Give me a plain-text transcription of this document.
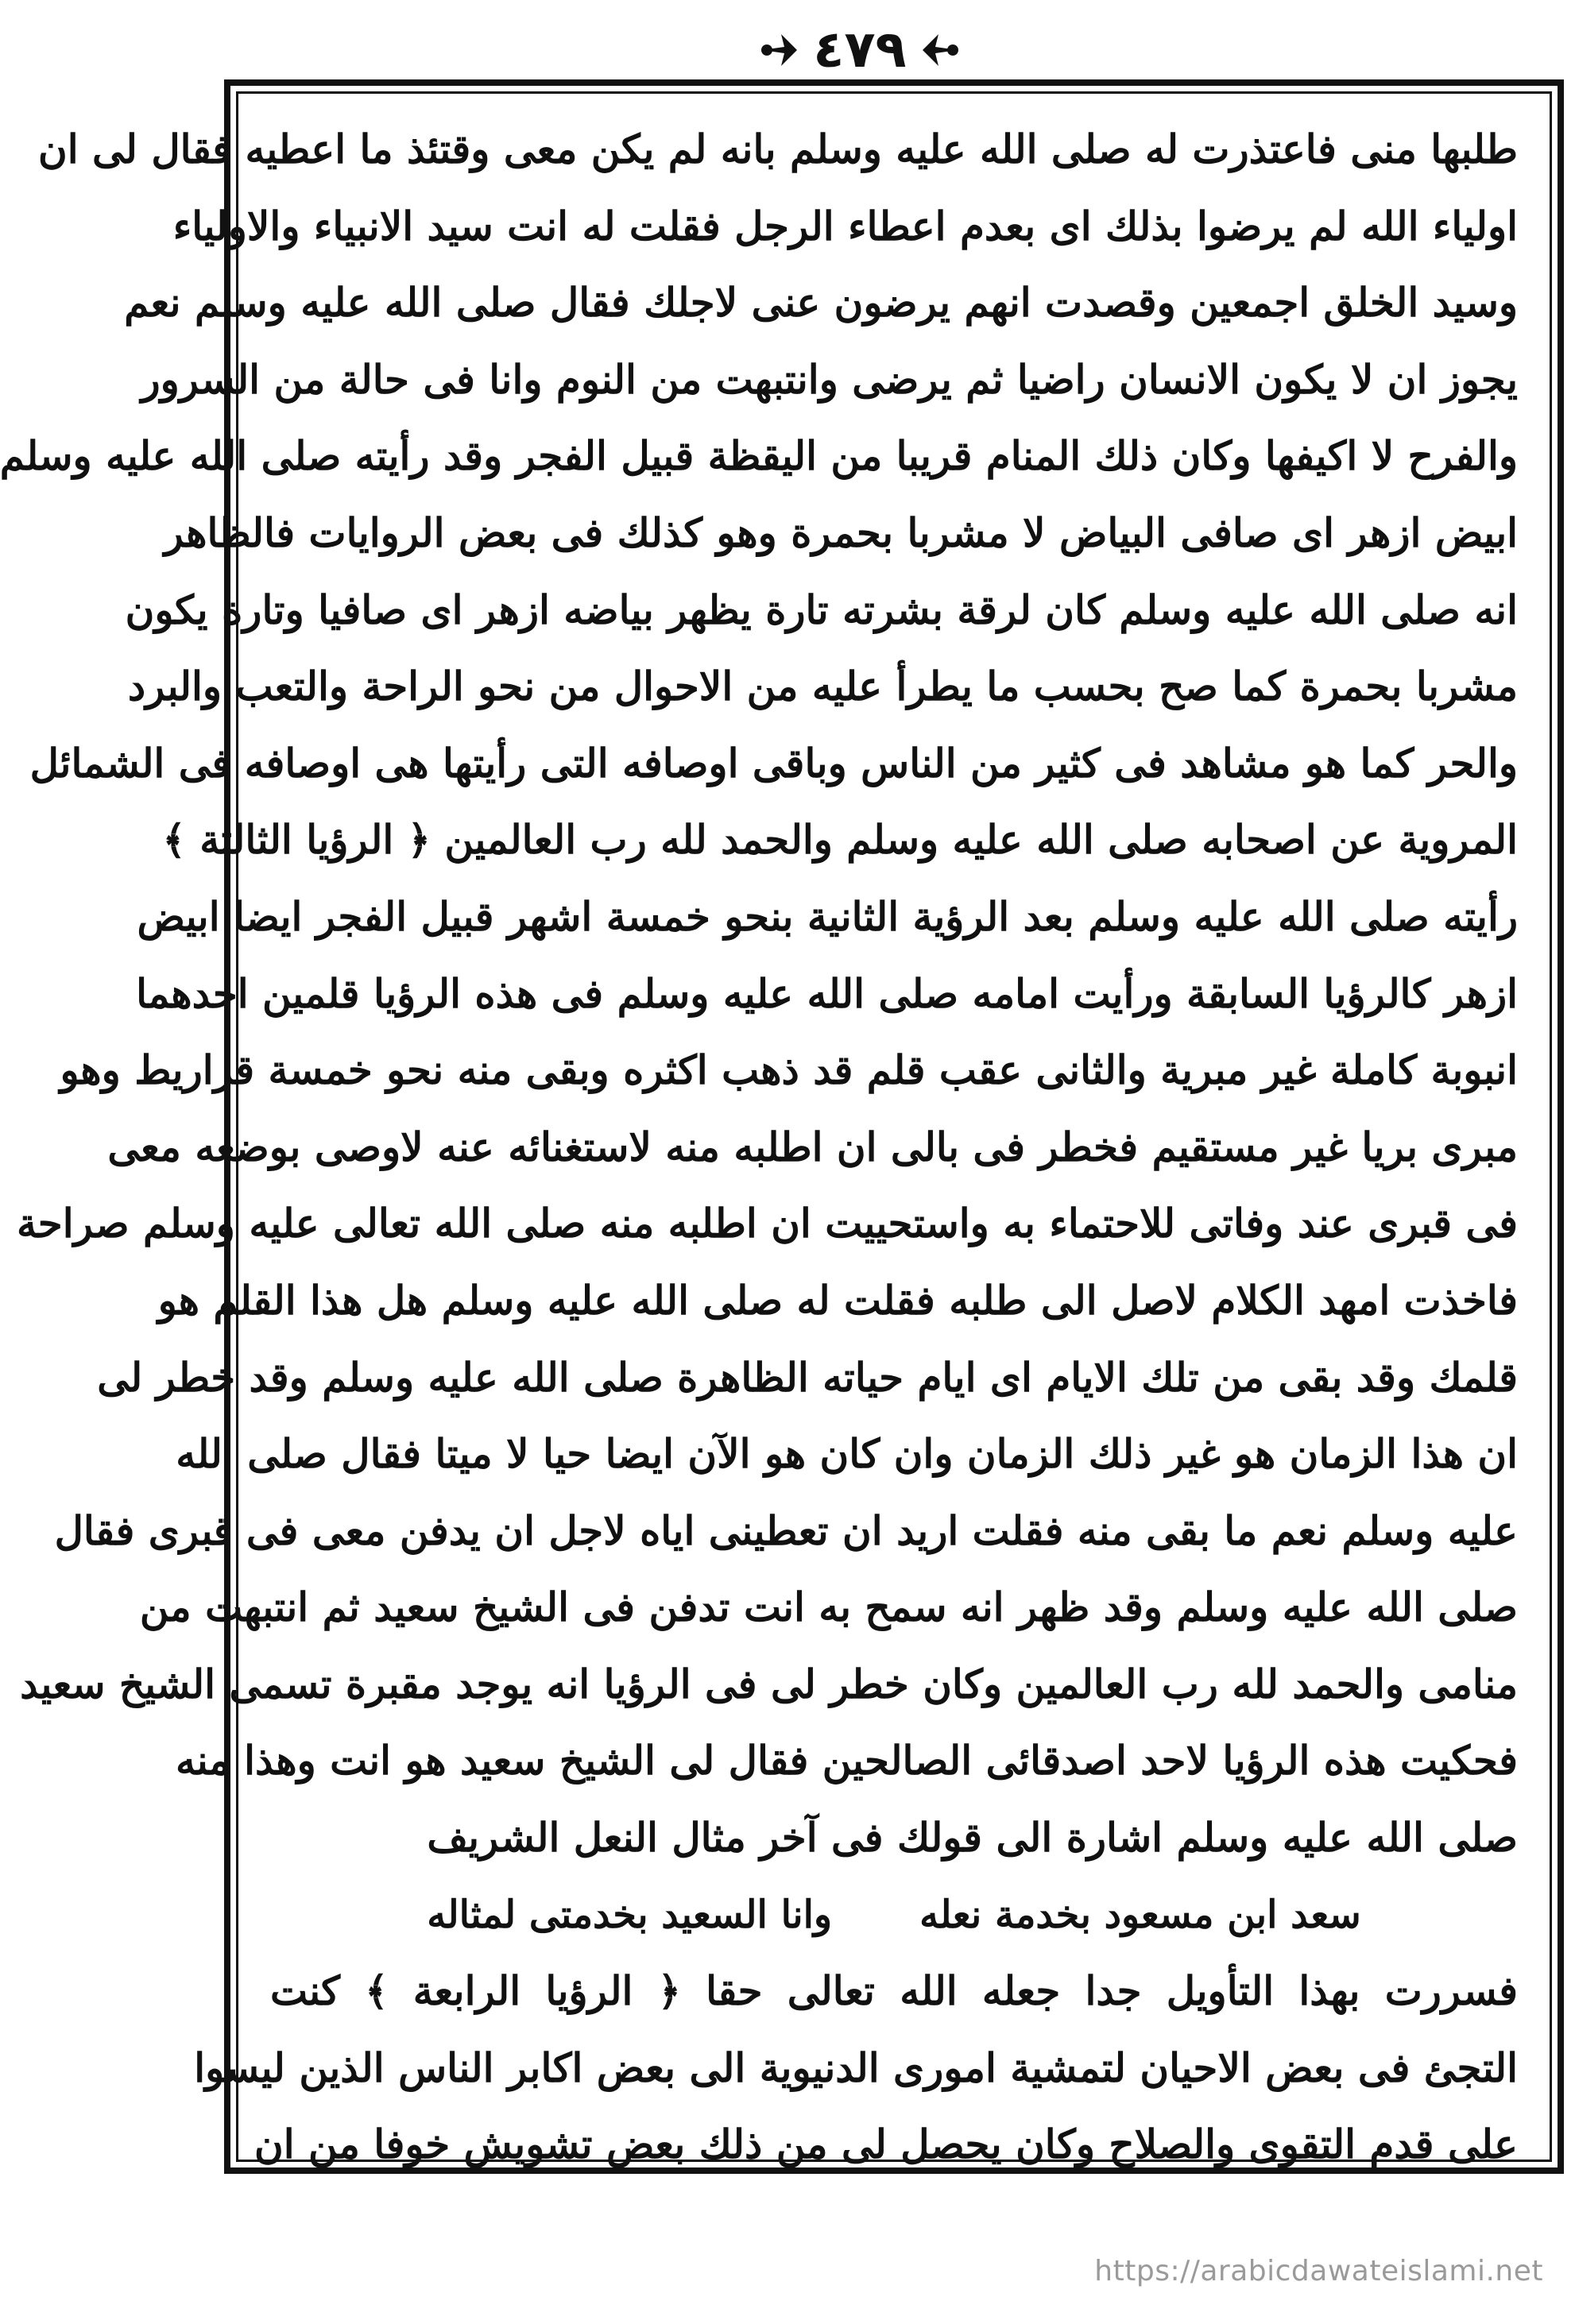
٤٧٩
طلبها منى فاعتذرت له صلى الله عليه وسلم بانه لم يكن معى وقتئذ ما اعطيه فقال لى ان
اولياء الله لم يرضوا بذلك اى بعدم اعطاء الرجل فقلت له انت سيد الانبياء والاولياء
وسيد الخلق اجمعين وقصدت انهم يرضون عنى لاجلك فقال صلى الله عليه وسلم نعم
يجوز ان لا يكون الانسان راضيا ثم يرضى وانتبهت من النوم وانا فى حالة من السرور
والفرح لا اكيفها وكان ذلك المنام قريبا من اليقظة قبيل الفجر وقد رأيته صلى الله عليه وسلم
ابيض ازهر اى صافى البياض لا مشربا بحمرة وهو كذلك فى بعض الروايات فالظاهر
انه صلى الله عليه وسلم كان لرقة بشرته تارة يظهر بياضه ازهر اى صافيا وتارة يكون
مشربا بحمرة كما صح بحسب ما يطرأ عليه من الاحوال من نحو الراحة والتعب والبرد
والحر كما هو مشاهد فى كثير من الناس وباقى اوصافه التى رأيتها هى اوصافه فى الشمائل
المروية عن اصحابه صلى الله عليه وسلم والحمد لله رب العالمين ﴿ الرؤيا الثالثة ﴾
رأيته صلى الله عليه وسلم بعد الرؤية الثانية بنحو خمسة اشهر قبيل الفجر ايضا ابيض
ازهر كالرؤيا السابقة ورأيت امامه صلى الله عليه وسلم فى هذه الرؤيا قلمين احدهما
انبوبة كاملة غير مبرية والثانى عقب قلم قد ذهب اكثره وبقى منه نحو خمسة قراريط وهو
مبرى بريا غير مستقيم فخطر فى بالى ان اطلبه منه لاستغنائه عنه لاوصى بوضعه معى
فى قبرى عند وفاتى للاحتماء به واستحييت ان اطلبه منه صلى الله تعالى عليه وسلم صراحة
فاخذت امهد الكلام لاصل الى طلبه فقلت له صلى الله عليه وسلم هل هذا القلم هو
قلمك وقد بقى من تلك الايام اى ايام حياته الظاهرة صلى الله عليه وسلم وقد خطر لى
ان هذا الزمان هو غير ذلك الزمان وان كان هو الآن ايضا حيا لا ميتا فقال صلى الله
عليه وسلم نعم ما بقى منه فقلت اريد ان تعطينى اياه لاجل ان يدفن معى فى قبرى فقال
صلى الله عليه وسلم وقد ظهر انه سمح به انت تدفن فى الشيخ سعيد ثم انتبهت من
منامى والحمد لله رب العالمين وكان خطر لى فى الرؤيا انه يوجد مقبرة تسمى الشيخ سعيد
فحكيت هذه الرؤيا لاحد اصدقائى الصالحين فقال لى الشيخ سعيد هو انت وهذا منه
صلى الله عليه وسلم اشارة الى قولك فى آخر مثال النعل الشريف
سعد ابن مسعود بخدمة نعله
وانا السعيد بخدمتى لمثاله
فسررت بهذا التأويل جدا جعله الله تعالى حقا ﴿ الرؤيا الرابعة ﴾ كنت
التجئ فى بعض الاحيان لتمشية امورى الدنيوية الى بعض اكابر الناس الذين ليسوا
على قدم التقوى والصلاح وكان يحصل لى من ذلك بعض تشويش خوفا من ان
https://arabicdawateislami.net
